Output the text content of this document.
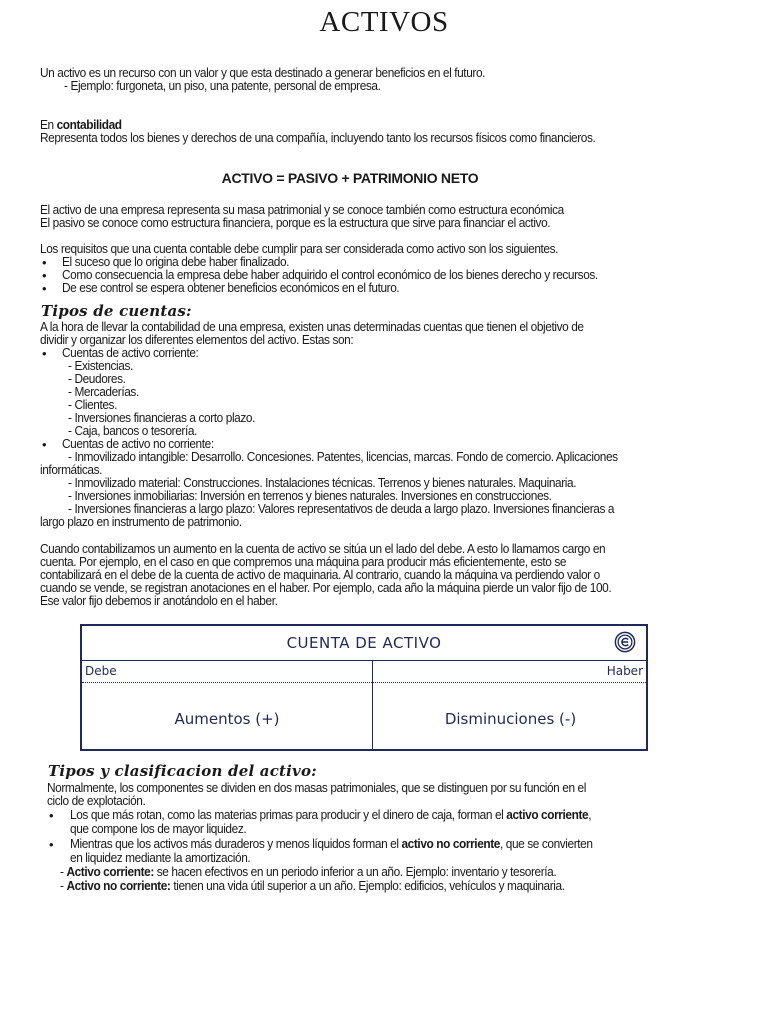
ACTIVOS
Un activo es un recurso con un valor y que esta destinado a generar beneficios en el futuro.
- Ejemplo: furgoneta, un piso, una patente, personal de empresa.
En contabilidad
Representa todos los bienes y derechos de una compañía, incluyendo tanto los recursos físicos como financieros.
ACTIVO = PASIVO + PATRIMONIO NETO
El activo de una empresa representa su masa patrimonial y se conoce también como estructura económica
El pasivo se conoce como estructura financiera, porque es la estructura que sirve para financiar el activo.
Los requisitos que una cuenta contable debe cumplir para ser considerada como activo son los siguientes.
• El suceso que lo origina debe haber finalizado.
• Como consecuencia la empresa debe haber adquirido el control económico de los bienes derecho y recursos.
• De ese control se espera obtener beneficios económicos en el futuro.
Tipos de cuentas:
A la hora de llevar la contabilidad de una empresa, existen unas determinadas cuentas que tienen el objetivo de
dividir y organizar los diferentes elementos del activo. Estas son:
• Cuentas de activo corriente:
- Existencias.
- Deudores.
- Mercaderías.
- Clientes.
- Inversiones financieras a corto plazo.
- Caja, bancos o tesorería.
• Cuentas de activo no corriente:
- Inmovilizado intangible: Desarrollo. Concesiones. Patentes, licencias, marcas. Fondo de comercio. Aplicaciones
informáticas.
- Inmovilizado material: Construcciones. Instalaciones técnicas. Terrenos y bienes naturales. Maquinaria.
- Inversiones inmobiliarias: Inversión en terrenos y bienes naturales. Inversiones en construcciones.
- Inversiones financieras a largo plazo: Valores representativos de deuda a largo plazo. Inversiones financieras a
largo plazo en instrumento de patrimonio.
Cuando contabilizamos un aumento en la cuenta de activo se sitúa un el lado del debe. A esto lo llamamos cargo en
cuenta. Por ejemplo, en el caso en que compremos una máquina para producir más eficientemente, esto se
contabilizará en el debe de la cuenta de activo de maquinaria. Al contrario, cuando la máquina va perdiendo valor o
cuando se vende, se registran anotaciones en el haber. Por ejemplo, cada año la máquina pierde un valor fijo de 100.
Ese valor fijo debemos ir anotándolo en el haber.
CUENTA DE ACTIVO
Debe	Haber
Aumentos (+)	Disminuciones (-)
Tipos y clasificacion del activo:
Normalmente, los componentes se dividen en dos masas patrimoniales, que se distinguen por su función en el
ciclo de explotación.
• Los que más rotan, como las materias primas para producir y el dinero de caja, forman el activo corriente,
que compone los de mayor liquidez.
• Mientras que los activos más duraderos y menos líquidos forman el activo no corriente, que se convierten
en liquidez mediante la amortización.
- Activo corriente: se hacen efectivos en un periodo inferior a un año. Ejemplo: inventario y tesorería.
- Activo no corriente: tienen una vida útil superior a un año. Ejemplo: edificios, vehículos y maquinaria.
